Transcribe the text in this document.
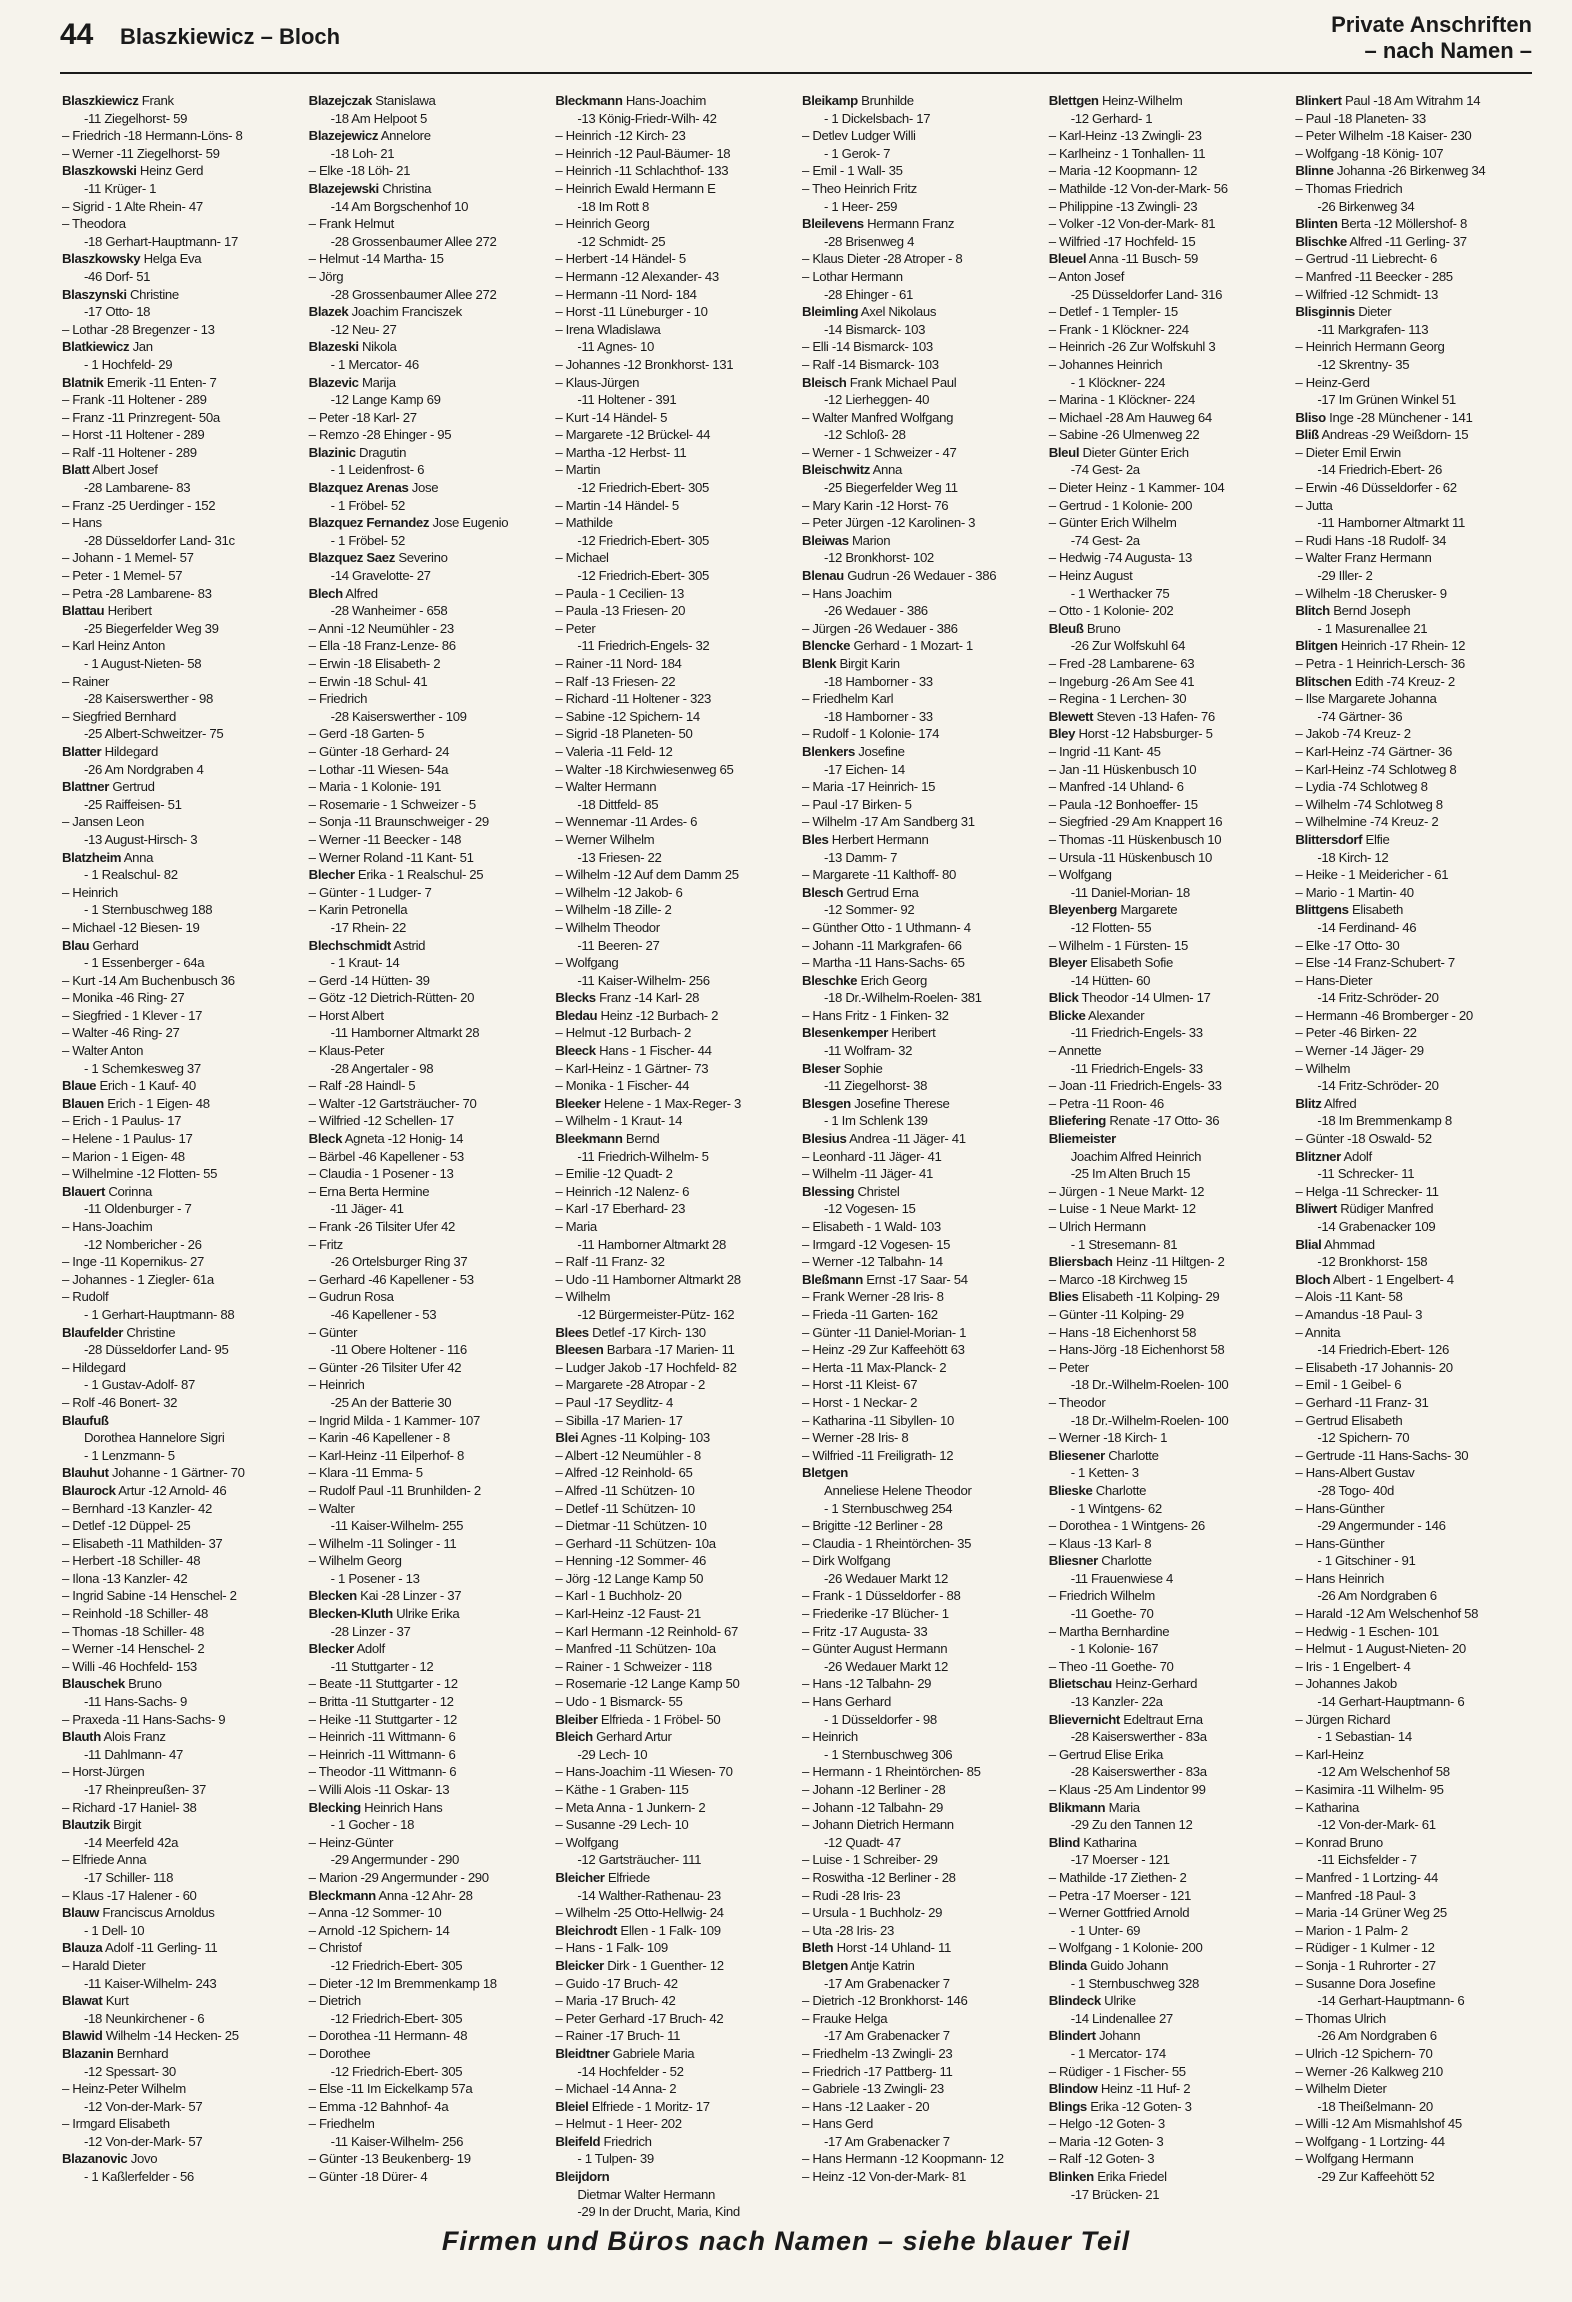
44 Blaszkiewicz – Bloch	Private Anschriften
– nach Namen –
Blaszkiewicz Frank
-11 Ziegelhorst- 59
– Friedrich -18 Hermann-Löns- 8
– Werner -11 Ziegelhorst- 59
Blaszkowski Heinz Gerd
-11 Krüger- 1
– Sigrid - 1 Alte Rhein- 47
– Theodora
-18 Gerhart-Hauptmann- 17
Blaszkowsky Helga Eva
-46 Dorf- 51
Blaszynski Christine
-17 Otto- 18
– Lothar -28 Bregenzer - 13
Blatkiewicz Jan
- 1 Hochfeld- 29
Blatnik Emerik -11 Enten- 7
– Frank -11 Holtener - 289
– Franz -11 Prinzregent- 50a
– Horst -11 Holtener - 289
– Ralf -11 Holtener - 289
Blatt Albert Josef
-28 Lambarene- 83
– Franz -25 Uerdinger - 152
– Hans
-28 Düsseldorfer Land- 31c
– Johann - 1 Memel- 57
– Peter - 1 Memel- 57
– Petra -28 Lambarene- 83
Blattau Heribert
-25 Biegerfelder Weg 39
– Karl Heinz Anton
- 1 August-Nieten- 58
– Rainer
-28 Kaiserswerther - 98
– Siegfried Bernhard
-25 Albert-Schweitzer- 75
Blatter Hildegard
-26 Am Nordgraben 4
Blattner Gertrud
-25 Raiffeisen- 51
– Jansen Leon
-13 August-Hirsch- 3
Blatzheim Anna
- 1 Realschul- 82
– Heinrich
- 1 Sternbuschweg 188
– Michael -12 Biesen- 19
Blau Gerhard
- 1 Essenberger - 64a
– Kurt -14 Am Buchenbusch 36
– Monika -46 Ring- 27
– Siegfried - 1 Klever - 17
– Walter -46 Ring- 27
– Walter Anton
- 1 Schemkesweg 37
Blaue Erich - 1 Kauf- 40
Blauen Erich - 1 Eigen- 48
– Erich - 1 Paulus- 17
– Helene - 1 Paulus- 17
– Marion - 1 Eigen- 48
– Wilhelmine -12 Flotten- 55
Blauert Corinna
-11 Oldenburger - 7
– Hans-Joachim
-12 Nombericher - 26
– Inge -11 Kopernikus- 27
– Johannes - 1 Ziegler- 61a
– Rudolf
- 1 Gerhart-Hauptmann- 88
Blaufelder Christine
-28 Düsseldorfer Land- 95
– Hildegard
- 1 Gustav-Adolf- 87
– Rolf -46 Bonert- 32
Blaufuß
Dorothea Hannelore Sigri
- 1 Lenzmann- 5
Blauhut Johanne - 1 Gärtner- 70
Blaurock Artur -12 Arnold- 46
– Bernhard -13 Kanzler- 42
– Detlef -12 Düppel- 25
– Elisabeth -11 Mathilden- 37
– Herbert -18 Schiller- 48
– Ilona -13 Kanzler- 42
– Ingrid Sabine -14 Henschel- 2
– Reinhold -18 Schiller- 48
– Thomas -18 Schiller- 48
– Werner -14 Henschel- 2
– Willi -46 Hochfeld- 153
Blauschek Bruno
-11 Hans-Sachs- 9
– Praxeda -11 Hans-Sachs- 9
Blauth Alois Franz
-11 Dahlmann- 47
– Horst-Jürgen
-17 Rheinpreußen- 37
– Richard -17 Haniel- 38
Blautzik Birgit
-14 Meerfeld 42a
– Elfriede Anna
-17 Schiller- 118
– Klaus -17 Halener - 60
Blauw Franciscus Arnoldus
- 1 Dell- 10
Blauza Adolf -11 Gerling- 11
– Harald Dieter
-11 Kaiser-Wilhelm- 243
Blawat Kurt
-18 Neunkirchener - 6
Blawid Wilhelm -14 Hecken- 25
Blazanin Bernhard
-12 Spessart- 30
– Heinz-Peter Wilhelm
-12 Von-der-Mark- 57
– Irmgard Elisabeth
-12 Von-der-Mark- 57
Blazanovic Jovo
- 1 Kaßlerfelder - 56
Blazejczak Stanislawa
-18 Am Helpoot 5
Blazejewicz Annelore
-18 Loh- 21
– Elke -18 Löh- 21
Blazejewski Christina
-14 Am Borgschenhof 10
– Frank Helmut
-28 Grossenbaumer Allee 272
– Helmut -14 Martha- 15
– Jörg
-28 Grossenbaumer Allee 272
Blazek Joachim Franciszek
-12 Neu- 27
Blazeski Nikola
- 1 Mercator- 46
Blazevic Marija
-12 Lange Kamp 69
– Peter -18 Karl- 27
– Remzo -28 Ehinger - 95
Blazinic Dragutin
- 1 Leidenfrost- 6
Blazquez Arenas Jose
- 1 Fröbel- 52
Blazquez Fernandez Jose Eugenio
- 1 Fröbel- 52
Blazquez Saez Severino
-14 Gravelotte- 27
Blech Alfred
-28 Wanheimer - 658
– Anni -12 Neumühler - 23
– Ella -18 Franz-Lenze- 86
– Erwin -18 Elisabeth- 2
– Erwin -18 Schul- 41
– Friedrich
-28 Kaiserswerther - 109
– Gerd -18 Garten- 5
– Günter -18 Gerhard- 24
– Lothar -11 Wiesen- 54a
– Maria - 1 Kolonie- 191
– Rosemarie - 1 Schweizer - 5
– Sonja -11 Braunschweiger - 29
– Werner -11 Beecker - 148
– Werner Roland -11 Kant- 51
Blecher Erika - 1 Realschul- 25
– Günter - 1 Ludger- 7
– Karin Petronella
-17 Rhein- 22
Blechschmidt Astrid
- 1 Kraut- 14
– Gerd -14 Hütten- 39
– Götz -12 Dietrich-Rütten- 20
– Horst Albert
-11 Hamborner Altmarkt 28
– Klaus-Peter
-28 Angertaler - 98
– Ralf -28 Haindl- 5
– Walter -12 Gartsträucher- 70
– Wilfried -12 Schellen- 17
Bleck Agneta -12 Honig- 14
– Bärbel -46 Kapellener - 53
– Claudia - 1 Posener - 13
– Erna Berta Hermine
-11 Jäger- 41
– Frank -26 Tilsiter Ufer 42
– Fritz
-26 Ortelsburger Ring 37
– Gerhard -46 Kapellener - 53
– Gudrun Rosa
-46 Kapellener - 53
– Günter
-11 Obere Holtener - 116
– Günter -26 Tilsiter Ufer 42
– Heinrich
-25 An der Batterie 30
– Ingrid Milda - 1 Kammer- 107
– Karin -46 Kapellener - 8
– Karl-Heinz -11 Eilperhof- 8
– Klara -11 Emma- 5
– Rudolf Paul -11 Brunhilden- 2
– Walter
-11 Kaiser-Wilhelm- 255
– Wilhelm -11 Solinger - 11
– Wilhelm Georg
- 1 Posener - 13
Blecken Kai -28 Linzer - 37
Blecken-Kluth Ulrike Erika
-28 Linzer - 37
Blecker Adolf
-11 Stuttgarter - 12
– Beate -11 Stuttgarter - 12
– Britta -11 Stuttgarter - 12
– Heike -11 Stuttgarter - 12
– Heinrich -11 Wittmann- 6
– Heinrich -11 Wittmann- 6
– Theodor -11 Wittmann- 6
– Willi Alois -11 Oskar- 13
Blecking Heinrich Hans
- 1 Gocher - 18
– Heinz-Günter
-29 Angermunder - 290
– Marion -29 Angermunder - 290
Bleckmann Anna -12 Ahr- 28
– Anna -12 Sommer- 10
– Arnold -12 Spichern- 14
– Christof
-12 Friedrich-Ebert- 305
– Dieter -12 Im Bremmenkamp 18
– Dietrich
-12 Friedrich-Ebert- 305
– Dorothea -11 Hermann- 48
– Dorothee
-12 Friedrich-Ebert- 305
– Else -11 Im Eickelkamp 57a
– Emma -12 Bahnhof- 4a
– Friedhelm
-11 Kaiser-Wilhelm- 256
– Günter -13 Beukenberg- 19
– Günter -18 Dürer- 4
Bleckmann Hans-Joachim
-13 König-Friedr-Wilh- 42
– Heinrich -12 Kirch- 23
– Heinrich -12 Paul-Bäumer- 18
– Heinrich -11 Schlachthof- 133
– Heinrich Ewald Hermann E
-18 Im Rott 8
– Heinrich Georg
-12 Schmidt- 25
– Herbert -14 Händel- 5
– Hermann -12 Alexander- 43
– Hermann -11 Nord- 184
– Horst -11 Lüneburger - 10
– Irena Wladislawa
-11 Agnes- 10
– Johannes -12 Bronkhorst- 131
– Klaus-Jürgen
-11 Holtener - 391
– Kurt -14 Händel- 5
– Margarete -12 Brückel- 44
– Martha -12 Herbst- 11
– Martin
-12 Friedrich-Ebert- 305
– Martin -14 Händel- 5
– Mathilde
-12 Friedrich-Ebert- 305
– Michael
-12 Friedrich-Ebert- 305
– Paula - 1 Cecilien- 13
– Paula -13 Friesen- 20
– Peter
-11 Friedrich-Engels- 32
– Rainer -11 Nord- 184
– Ralf -13 Friesen- 22
– Richard -11 Holtener - 323
– Sabine -12 Spichern- 14
– Sigrid -18 Planeten- 50
– Valeria -11 Feld- 12
– Walter -18 Kirchwiesenweg 65
– Walter Hermann
-18 Dittfeld- 85
– Wennemar -11 Ardes- 6
– Werner Wilhelm
-13 Friesen- 22
– Wilhelm -12 Auf dem Damm 25
– Wilhelm -12 Jakob- 6
– Wilhelm -18 Zille- 2
– Wilhelm Theodor
-11 Beeren- 27
– Wolfgang
-11 Kaiser-Wilhelm- 256
Blecks Franz -14 Karl- 28
Bledau Heinz -12 Burbach- 2
– Helmut -12 Burbach- 2
Bleeck Hans - 1 Fischer- 44
– Karl-Heinz - 1 Gärtner- 73
– Monika - 1 Fischer- 44
Bleeker Helene - 1 Max-Reger- 3
– Wilhelm - 1 Kraut- 14
Bleekmann Bernd
-11 Friedrich-Wilhelm- 5
– Emilie -12 Quadt- 2
– Heinrich -12 Nalenz- 6
– Karl -17 Eberhard- 23
– Maria
-11 Hamborner Altmarkt 28
– Ralf -11 Franz- 32
– Udo -11 Hamborner Altmarkt 28
– Wilhelm
-12 Bürgermeister-Pütz- 162
Blees Detlef -17 Kirch- 130
Bleesen Barbara -17 Marien- 11
– Ludger Jakob -17 Hochfeld- 82
– Margarete -28 Atropar - 2
– Paul -17 Seydlitz- 4
– Sibilla -17 Marien- 17
Blei Agnes -11 Kolping- 103
– Albert -12 Neumühler - 8
– Alfred -12 Reinhold- 65
– Alfred -11 Schützen- 10
– Detlef -11 Schützen- 10
– Dietmar -11 Schützen- 10
– Gerhard -11 Schützen- 10a
– Henning -12 Sommer- 46
– Jörg -12 Lange Kamp 50
– Karl - 1 Buchholz- 20
– Karl-Heinz -12 Faust- 21
– Karl Hermann -12 Reinhold- 67
– Manfred -11 Schützen- 10a
– Rainer - 1 Schweizer - 118
– Rosemarie -12 Lange Kamp 50
– Udo - 1 Bismarck- 55
Bleiber Elfrieda - 1 Fröbel- 50
Bleich Gerhard Artur
-29 Lech- 10
– Hans-Joachim -11 Wiesen- 70
– Käthe - 1 Graben- 115
– Meta Anna - 1 Junkern- 2
– Susanne -29 Lech- 10
– Wolfgang
-12 Gartsträucher- 111
Bleicher Elfriede
-14 Walther-Rathenau- 23
– Wilhelm -25 Otto-Hellwig- 24
Bleichrodt Ellen - 1 Falk- 109
– Hans - 1 Falk- 109
Bleicker Dirk - 1 Guenther- 12
– Guido -17 Bruch- 42
– Maria -17 Bruch- 42
– Peter Gerhard -17 Bruch- 42
– Rainer -17 Bruch- 11
Bleidtner Gabriele Maria
-14 Hochfelder - 52
– Michael -14 Anna- 2
Bleiel Elfriede - 1 Moritz- 17
– Helmut - 1 Heer- 202
Bleifeld Friedrich
- 1 Tulpen- 39
Bleijdorn
Dietmar Walter Hermann
-29 In der Drucht, Maria, Kind
Bleikamp Brunhilde
- 1 Dickelsbach- 17
– Detlev Ludger Willi
- 1 Gerok- 7
– Emil - 1 Wall- 35
– Theo Heinrich Fritz
- 1 Heer- 259
Bleilevens Hermann Franz
-28 Brisenweg 4
– Klaus Dieter -28 Atroper - 8
– Lothar Hermann
-28 Ehinger - 61
Bleimling Axel Nikolaus
-14 Bismarck- 103
– Elli -14 Bismarck- 103
– Ralf -14 Bismarck- 103
Bleisch Frank Michael Paul
-12 Lierheggen- 40
– Walter Manfred Wolfgang
-12 Schloß- 28
– Werner - 1 Schweizer - 47
Bleischwitz Anna
-25 Biegerfelder Weg 11
– Mary Karin -12 Horst- 76
– Peter Jürgen -12 Karolinen- 3
Bleiwas Marion
-12 Bronkhorst- 102
Blenau Gudrun -26 Wedauer - 386
– Hans Joachim
-26 Wedauer - 386
– Jürgen -26 Wedauer - 386
Blencke Gerhard - 1 Mozart- 1
Blenk Birgit Karin
-18 Hamborner - 33
– Friedhelm Karl
-18 Hamborner - 33
– Rudolf - 1 Kolonie- 174
Blenkers Josefine
-17 Eichen- 14
– Maria -17 Heinrich- 15
– Paul -17 Birken- 5
– Wilhelm -17 Am Sandberg 31
Bles Herbert Hermann
-13 Damm- 7
– Margarete -11 Kalthoff- 80
Blesch Gertrud Erna
-12 Sommer- 92
– Günther Otto - 1 Uthmann- 4
– Johann -11 Markgrafen- 66
– Martha -11 Hans-Sachs- 65
Bleschke Erich Georg
-18 Dr.-Wilhelm-Roelen- 381
– Hans Fritz - 1 Finken- 32
Blesenkemper Heribert
-11 Wolfram- 32
Bleser Sophie
-11 Ziegelhorst- 38
Blesgen Josefine Therese
- 1 Im Schlenk 139
Blesius Andrea -11 Jäger- 41
– Leonhard -11 Jäger- 41
– Wilhelm -11 Jäger- 41
Blessing Christel
-12 Vogesen- 15
– Elisabeth - 1 Wald- 103
– Irmgard -12 Vogesen- 15
– Werner -12 Talbahn- 14
Bleßmann Ernst -17 Saar- 54
– Frank Werner -28 Iris- 8
– Frieda -11 Garten- 162
– Günter -11 Daniel-Morian- 1
– Heinz -29 Zur Kaffeehött 63
– Herta -11 Max-Planck- 2
– Horst -11 Kleist- 67
– Horst - 1 Neckar- 2
– Katharina -11 Sibyllen- 10
– Werner -28 Iris- 8
– Wilfried -11 Freiligrath- 12
Bletgen
Anneliese Helene Theodor
- 1 Sternbuschweg 254
– Brigitte -12 Berliner - 28
– Claudia - 1 Rheintörchen- 35
– Dirk Wolfgang
-26 Wedauer Markt 12
– Frank - 1 Düsseldorfer - 88
– Friederike -17 Blücher- 1
– Fritz -17 Augusta- 33
– Günter August Hermann
-26 Wedauer Markt 12
– Hans -12 Talbahn- 29
– Hans Gerhard
- 1 Düsseldorfer - 98
– Heinrich
- 1 Sternbuschweg 306
– Hermann - 1 Rheintörchen- 85
– Johann -12 Berliner - 28
– Johann -12 Talbahn- 29
– Johann Dietrich Hermann
-12 Quadt- 47
– Luise - 1 Schreiber- 29
– Roswitha -12 Berliner - 28
– Rudi -28 Iris- 23
– Ursula - 1 Buchholz- 29
– Uta -28 Iris- 23
Bleth Horst -14 Uhland- 11
Bletgen Antje Katrin
-17 Am Grabenacker 7
– Dietrich -12 Bronkhorst- 146
– Frauke Helga
-17 Am Grabenacker 7
– Friedhelm -13 Zwingli- 23
– Friedrich -17 Pattberg- 11
– Gabriele -13 Zwingli- 23
– Hans -12 Laaker - 20
– Hans Gerd
-17 Am Grabenacker 7
– Hans Hermann -12 Koopmann- 12
– Heinz -12 Von-der-Mark- 81
Blettgen Heinz-Wilhelm
-12 Gerhard- 1
– Karl-Heinz -13 Zwingli- 23
– Karlheinz - 1 Tonhallen- 11
– Maria -12 Koopmann- 12
– Mathilde -12 Von-der-Mark- 56
– Philippine -13 Zwingli- 23
– Volker -12 Von-der-Mark- 81
– Wilfried -17 Hochfeld- 15
Bleuel Anna -11 Busch- 59
– Anton Josef
-25 Düsseldorfer Land- 316
– Detlef - 1 Templer- 15
– Frank - 1 Klöckner- 224
– Heinrich -26 Zur Wolfskuhl 3
– Johannes Heinrich
- 1 Klöckner- 224
– Marina - 1 Klöckner- 224
– Michael -28 Am Hauweg 64
– Sabine -26 Ulmenweg 22
Bleul Dieter Günter Erich
-74 Gest- 2a
– Dieter Heinz - 1 Kammer- 104
– Gertrud - 1 Kolonie- 200
– Günter Erich Wilhelm
-74 Gest- 2a
– Hedwig -74 Augusta- 13
– Heinz August
- 1 Werthacker 75
– Otto - 1 Kolonie- 202
Bleuß Bruno
-26 Zur Wolfskuhl 64
– Fred -28 Lambarene- 63
– Ingeburg -26 Am See 41
– Regina - 1 Lerchen- 30
Blewett Steven -13 Hafen- 76
Bley Horst -12 Habsburger- 5
– Ingrid -11 Kant- 45
– Jan -11 Hüskenbusch 10
– Manfred -14 Uhland- 6
– Paula -12 Bonhoeffer- 15
– Siegfried -29 Am Knappert 16
– Thomas -11 Hüskenbusch 10
– Ursula -11 Hüskenbusch 10
– Wolfgang
-11 Daniel-Morian- 18
Bleyenberg Margarete
-12 Flotten- 55
– Wilhelm - 1 Fürsten- 15
Bleyer Elisabeth Sofie
-14 Hütten- 60
Blick Theodor -14 Ulmen- 17
Blicke Alexander
-11 Friedrich-Engels- 33
– Annette
-11 Friedrich-Engels- 33
– Joan -11 Friedrich-Engels- 33
– Petra -11 Roon- 46
Bliefering Renate -17 Otto- 36
Bliemeister
Joachim Alfred Heinrich
-25 Im Alten Bruch 15
– Jürgen - 1 Neue Markt- 12
– Luise - 1 Neue Markt- 12
– Ulrich Hermann
- 1 Stresemann- 81
Bliersbach Heinz -11 Hiltgen- 2
– Marco -18 Kirchweg 15
Blies Elisabeth -11 Kolping- 29
– Günter -11 Kolping- 29
– Hans -18 Eichenhorst 58
– Hans-Jörg -18 Eichenhorst 58
– Peter
-18 Dr.-Wilhelm-Roelen- 100
– Theodor
-18 Dr.-Wilhelm-Roelen- 100
– Werner -18 Kirch- 1
Bliesener Charlotte
- 1 Ketten- 3
Blieske Charlotte
- 1 Wintgens- 62
– Dorothea - 1 Wintgens- 26
– Klaus -13 Karl- 8
Bliesner Charlotte
-11 Frauenwiese 4
– Friedrich Wilhelm
-11 Goethe- 70
– Martha Bernhardine
- 1 Kolonie- 167
– Theo -11 Goethe- 70
Blietschau Heinz-Gerhard
-13 Kanzler- 22a
Blievernicht Edeltraut Erna
-28 Kaiserswerther - 83a
– Gertrud Elise Erika
-28 Kaiserswerther - 83a
– Klaus -25 Am Lindentor 99
Blikmann Maria
-29 Zu den Tannen 12
Blind Katharina
-17 Moerser - 121
– Mathilde -17 Ziethen- 2
– Petra -17 Moerser - 121
– Werner Gottfried Arnold
- 1 Unter- 69
– Wolfgang - 1 Kolonie- 200
Blinda Guido Johann
- 1 Sternbuschweg 328
Blindeck Ulrike
-14 Lindenallee 27
Blindert Johann
- 1 Mercator- 174
– Rüdiger - 1 Fischer- 55
Blindow Heinz -11 Huf- 2
Blings Erika -12 Goten- 3
– Helgo -12 Goten- 3
– Maria -12 Goten- 3
– Ralf -12 Goten- 3
Blinken Erika Friedel
-17 Brücken- 21
Blinkert Paul -18 Am Witrahm 14
– Paul -18 Planeten- 33
– Peter Wilhelm -18 Kaiser- 230
– Wolfgang -18 König- 107
Blinne Johanna -26 Birkenweg 34
– Thomas Friedrich
-26 Birkenweg 34
Blinten Berta -12 Möllershof- 8
Blischke Alfred -11 Gerling- 37
– Gertrud -11 Liebrecht- 6
– Manfred -11 Beecker - 285
– Wilfried -12 Schmidt- 13
Blisginnis Dieter
-11 Markgrafen- 113
– Heinrich Hermann Georg
-12 Skrentny- 35
– Heinz-Gerd
-17 Im Grünen Winkel 51
Bliso Inge -28 Münchener - 141
Bliß Andreas -29 Weißdorn- 15
– Dieter Emil Erwin
-14 Friedrich-Ebert- 26
– Erwin -46 Düsseldorfer - 62
– Jutta
-11 Hamborner Altmarkt 11
– Rudi Hans -18 Rudolf- 34
– Walter Franz Hermann
-29 Iller- 2
– Wilhelm -18 Cherusker- 9
Blitch Bernd Joseph
- 1 Masurenallee 21
Blitgen Heinrich -17 Rhein- 12
– Petra - 1 Heinrich-Lersch- 36
Blitschen Edith -74 Kreuz- 2
– Ilse Margarete Johanna
-74 Gärtner- 36
– Jakob -74 Kreuz- 2
– Karl-Heinz -74 Gärtner- 36
– Karl-Heinz -74 Schlotweg 8
– Lydia -74 Schlotweg 8
– Wilhelm -74 Schlotweg 8
– Wilhelmine -74 Kreuz- 2
Blittersdorf Elfie
-18 Kirch- 12
– Heike - 1 Meidericher - 61
– Mario - 1 Martin- 40
Blittgens Elisabeth
-14 Ferdinand- 46
– Elke -17 Otto- 30
– Else -14 Franz-Schubert- 7
– Hans-Dieter
-14 Fritz-Schröder- 20
– Hermann -46 Bromberger - 20
– Peter -46 Birken- 22
– Werner -14 Jäger- 29
– Wilhelm
-14 Fritz-Schröder- 20
Blitz Alfred
-18 Im Bremmenkamp 8
– Günter -18 Oswald- 52
Blitzner Adolf
-11 Schrecker- 11
– Helga -11 Schrecker- 11
Bliwert Rüdiger Manfred
-14 Grabenacker 109
Blial Ahmmad
-12 Bronkhorst- 158
Bloch Albert - 1 Engelbert- 4
– Alois -11 Kant- 58
– Amandus -18 Paul- 3
– Annita
-14 Friedrich-Ebert- 126
– Elisabeth -17 Johannis- 20
– Emil - 1 Geibel- 6
– Gerhard -11 Franz- 31
– Gertrud Elisabeth
-12 Spichern- 70
– Gertrude -11 Hans-Sachs- 30
– Hans-Albert Gustav
-28 Togo- 40d
– Hans-Günther
-29 Angermunder - 146
– Hans-Günther
- 1 Gitschiner - 91
– Hans Heinrich
-26 Am Nordgraben 6
– Harald -12 Am Welschenhof 58
– Hedwig - 1 Eschen- 101
– Helmut - 1 August-Nieten- 20
– Iris - 1 Engelbert- 4
– Johannes Jakob
-14 Gerhart-Hauptmann- 6
– Jürgen Richard
- 1 Sebastian- 14
– Karl-Heinz
-12 Am Welschenhof 58
– Kasimira -11 Wilhelm- 95
– Katharina
-12 Von-der-Mark- 61
– Konrad Bruno
-11 Eichsfelder - 7
– Manfred - 1 Lortzing- 44
– Manfred -18 Paul- 3
– Maria -14 Grüner Weg 25
– Marion - 1 Palm- 2
– Rüdiger - 1 Kulmer - 12
– Sonja - 1 Ruhrorter - 27
– Susanne Dora Josefine
-14 Gerhart-Hauptmann- 6
– Thomas Ulrich
-26 Am Nordgraben 6
– Ulrich -12 Spichern- 70
– Werner -26 Kalkweg 210
– Wilhelm Dieter
-18 Theißelmann- 20
– Willi -12 Am Mismahlshof 45
– Wolfgang - 1 Lortzing- 44
– Wolfgang Hermann
-29 Zur Kaffeehött 52
Firmen und Büros nach Namen – siehe blauer Teil
